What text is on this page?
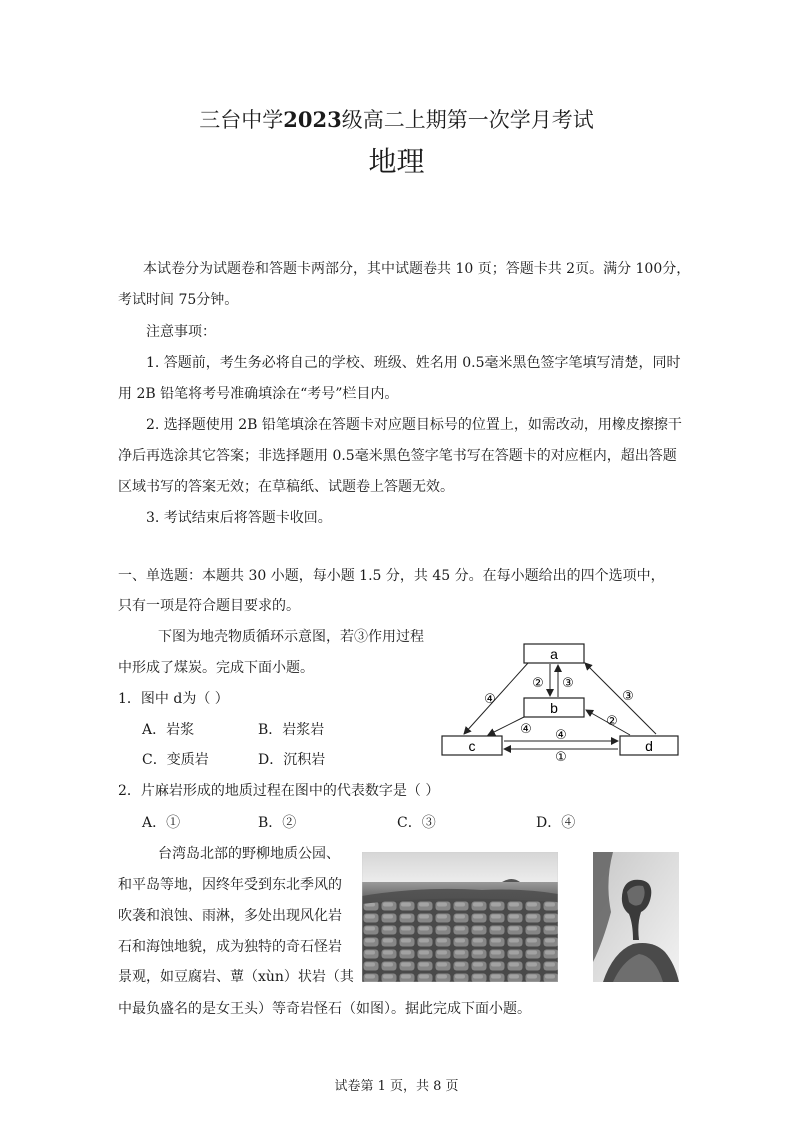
三台中学2023级高二上期第一次学月考试
地理
本试卷分为试题卷和答题卡两部分，其中试题卷共 10 页；答题卡共 2页。满分 100分，
考试时间 75分钟。
注意事项：
1. 答题前，考生务必将自己的学校、班级、姓名用 0.5毫米黑色签字笔填写清楚，同时
用 2B 铅笔将考号准确填涂在“考号”栏目内。
2. 选择题使用 2B 铅笔填涂在答题卡对应题目标号的位置上，如需改动，用橡皮擦擦干
净后再选涂其它答案；非选择题用 0.5毫米黑色签字笔书写在答题卡的对应框内，超出答题
区域书写的答案无效；在草稿纸、试题卷上答题无效。
3. 考试结束后将答题卡收回。
一、单选题：本题共 30 小题，每小题 1.5 分，共 45 分。在每小题给出的四个选项中，
只有一项是符合题目要求的。
下图为地壳物质循环示意图，若③作用过程
中形成了煤炭。完成下面小题。
1．图中 d为（ ）
A．岩浆	B．岩浆岩
C．变质岩	D．沉积岩
2．片麻岩形成的地质过程在图中的代表数字是（ ）
A．①	B．②	C．③	D．④
a
b
c	d
④
② ③
③
④
②
④
①
台湾岛北部的野柳地质公园、
和平岛等地，因终年受到东北季风的
吹袭和浪蚀、雨淋，多处出现风化岩
石和海蚀地貌，成为独特的奇石怪岩
景观，如豆腐岩、蕈（xùn）状岩（其
中最负盛名的是女王头）等奇岩怪石（如图）。据此完成下面小题。
试卷第 1 页，共 8 页
